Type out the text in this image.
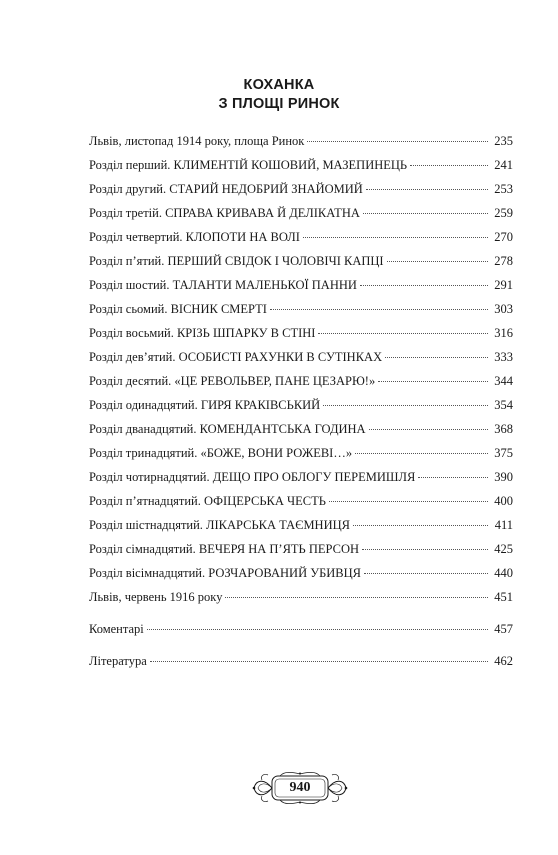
КОХАНКА
З ПЛОЩІ РИНОК
Львів, листопад 1914 року, площа Ринок	235
Розділ перший. КЛИМЕНТІЙ КОШОВИЙ, МАЗЕПИНЕЦЬ	241
Розділ другий. СТАРИЙ НЕДОБРИЙ ЗНАЙОМИЙ	253
Розділ третій. СПРАВА КРИВАВА Й ДЕЛІКАТНА	259
Розділ четвертий. КЛОПОТИ НА ВОЛІ	270
Розділ п’ятий. ПЕРШИЙ СВІДОК І ЧОЛОВІЧІ КАПЦІ	278
Розділ шостий. ТАЛАНТИ МАЛЕНЬКОЇ ПАННИ	291
Розділ сьомий. ВІСНИК СМЕРТІ	303
Розділ восьмий. КРІЗЬ ШПАРКУ В СТІНІ	316
Розділ дев’ятий. ОСОБИСТІ РАХУНКИ В СУТІНКАХ	333
Розділ десятий. «ЦЕ РЕВОЛЬВЕР, ПАНЕ ЦЕЗАРЮ!»	344
Розділ одинадцятий. ГИРЯ КРАКІВСЬКИЙ	354
Розділ дванадцятий. КОМЕНДАНТСЬКА ГОДИНА	368
Розділ тринадцятий. «БОЖЕ, ВОНИ РОЖЕВІ…»	375
Розділ чотирнадцятий. ДЕЩО ПРО ОБЛОГУ ПЕРЕМИШЛЯ	390
Розділ п’ятнадцятий. ОФІЦЕРСЬКА ЧЕСТЬ	400
Розділ шістнадцятий. ЛІКАРСЬКА ТАЄМНИЦЯ	411
Розділ сімнадцятий. ВЕЧЕРЯ НА П’ЯТЬ ПЕРСОН	425
Розділ вісімнадцятий. РОЗЧАРОВАНИЙ УБИВЦЯ	440
Львів, червень 1916 року	451
Коментарі	457
Література	462
940
